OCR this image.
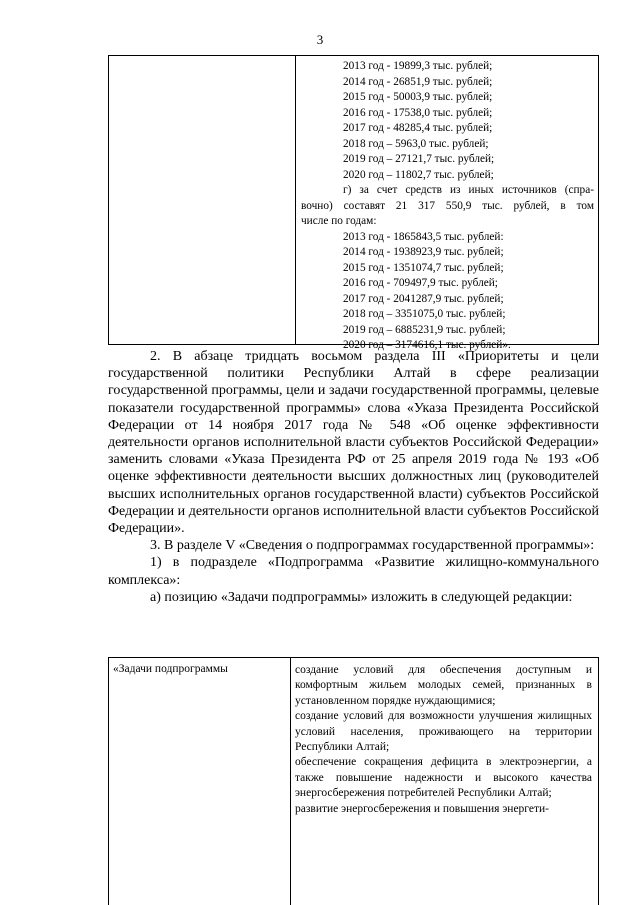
3
2013 год - 19899,3 тыс. рублей;
2014 год - 26851,9 тыс. рублей;
2015 год - 50003,9 тыс. рублей;
2016 год - 17538,0 тыс. рублей;
2017 год - 48285,4 тыс. рублей;
2018 год – 5963,0 тыс. рублей;
2019 год – 27121,7 тыс. рублей;
2020 год – 11802,7 тыс. рублей;
г) за счет средств из иных источников (спра-
вочно) составят 21 317 550,9 тыс. рублей, в том
числе по годам:
2013 год - 1865843,5 тыс. рублей:
2014 год - 1938923,9 тыс. рублей;
2015 год - 1351074,7 тыс. рублей;
2016 год - 709497,9 тыс. рублей;
2017 год - 2041287,9 тыс. рублей;
2018 год – 3351075,0 тыс. рублей;
2019 год – 6885231,9 тыс. рублей;
2020 год – 3174616,1 тыс. рублей».

2. В абзаце тридцать восьмом раздела III «Приоритеты и цели государственной политики Республики Алтай в сфере реализации государственной программы, цели и задачи государственной программы, целевые показатели государственной программы» слова «Указа Президента Российской Федерации от 14 ноября 2017 года № 548 «Об оценке эффективности деятельности органов исполнительной власти субъектов Российской Федерации» заменить словами «Указа Президента РФ от 25 апреля 2019 года № 193 «Об оценке эффективности деятельности высших должностных лиц (руководителей высших исполнительных органов государственной власти) субъектов Российской Федерации и деятельности органов исполнительной власти субъектов Российской Федерации».

3. В разделе V «Сведения о подпрограммах государственной программы»:

1) в подразделе «Подпрограмма «Развитие жилищно-коммунального комплекса»:

а) позицию «Задачи подпрограммы» изложить в следующей редакции:

«Задачи подпрограммы	создание условий для обеспечения доступным и комфортным жильем молодых семей, признанных в установленном порядке нуждающимися;
создание условий для возможности улучшения жилищных условий населения, проживающего на территории Республики Алтай;
обеспечение сокращения дефицита в электроэнергии, а также повышение надежности и высокого качества энергосбережения потребителей Республики Алтай;
развитие энергосбережения и повышения энергети-
